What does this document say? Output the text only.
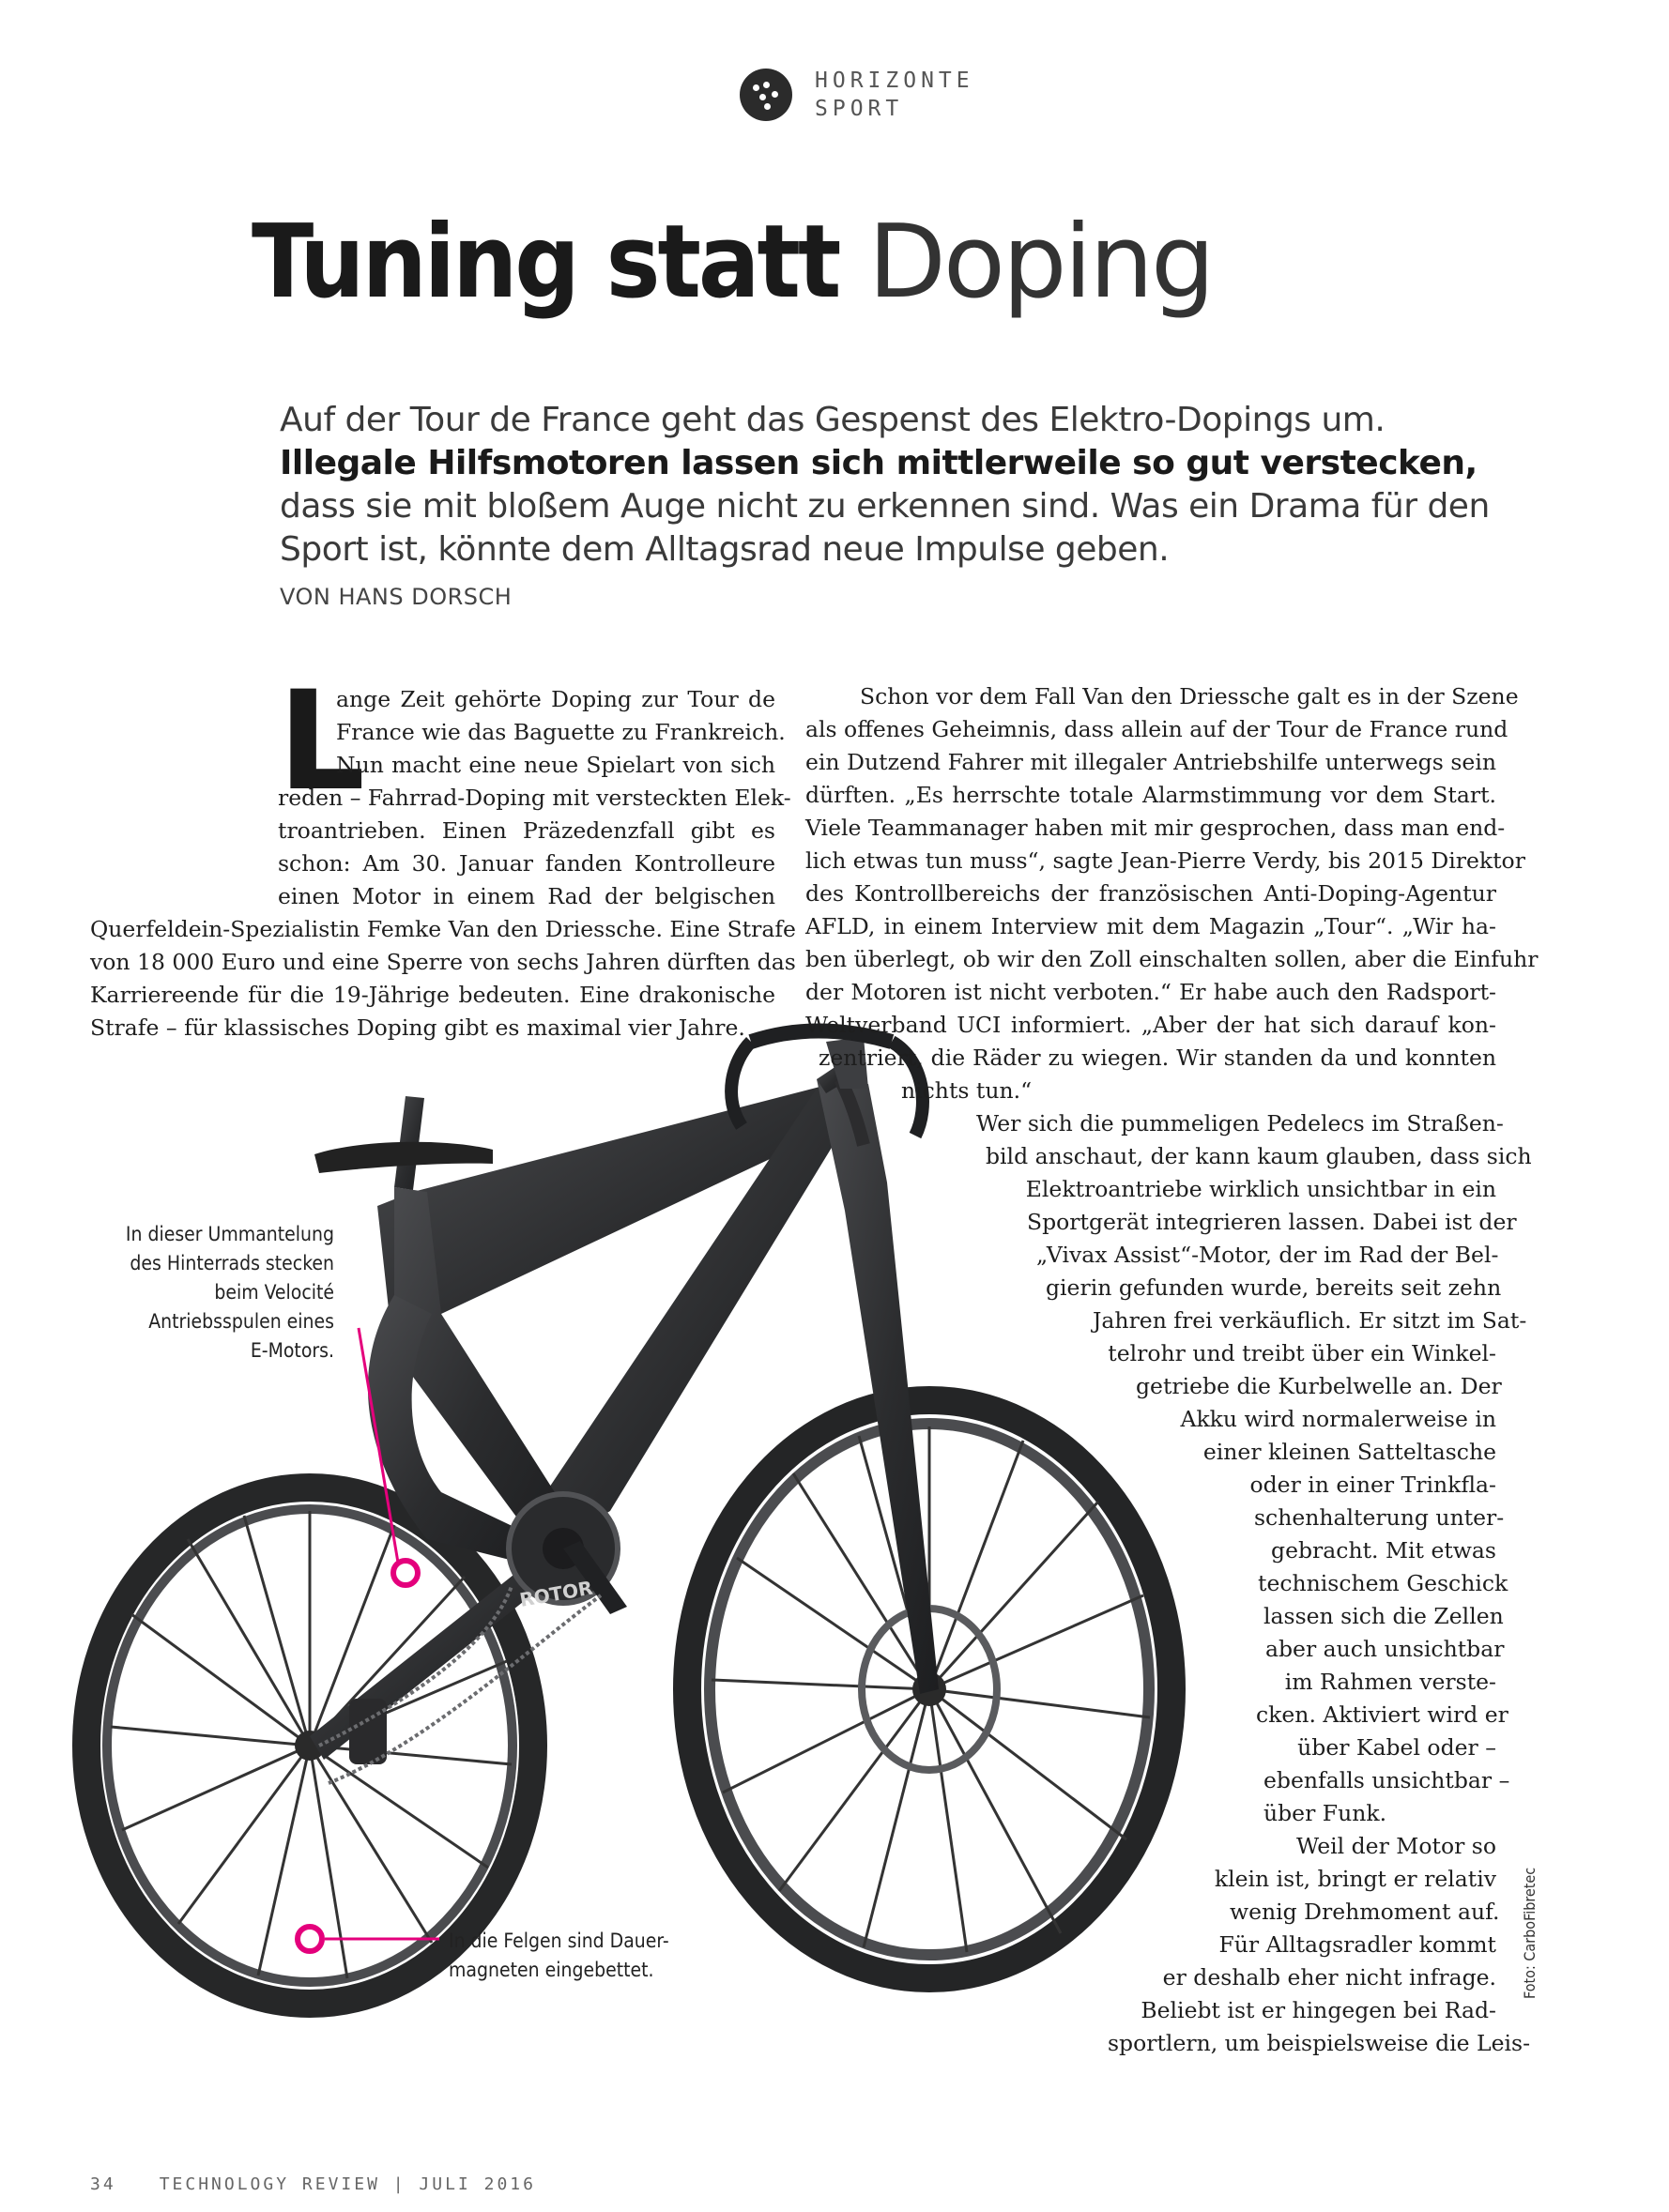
HORIZONTE
SPORT
Tuning statt Doping
Auf der Tour de France geht das Gespenst des Elektro-Dopings um. Illegale Hilfsmotoren lassen sich mittlerweile so gut verstecken, dass sie mit bloßem Auge nicht zu erkennen sind. Was ein Drama für den Sport ist, könnte dem Alltagsrad neue Impulse geben.
VON HANS DORSCH
ROTOR
L
ange Zeit gehörte Doping zur Tour de
France wie das Baguette zu Frankreich.
Nun macht eine neue Spielart von sich
reden – Fahrrad-Doping mit versteckten Elek-
troantrieben. Einen Präzedenzfall gibt es
schon: Am 30. Januar fanden Kontrolleure
einen Motor in einem Rad der belgischen
Querfeldein-Spezialistin Femke Van den Driessche. Eine Strafe
von 18 000 Euro und eine Sperre von sechs Jahren dürften das
Karriereende für die 19-Jährige bedeuten. Eine drakonische
Strafe – für klassisches Doping gibt es maximal vier Jahre.
Schon vor dem Fall Van den Driessche galt es in der Szene
als offenes Geheimnis, dass allein auf der Tour de France rund
ein Dutzend Fahrer mit illegaler Antriebshilfe unterwegs sein
dürften. „Es herrschte totale Alarmstimmung vor dem Start.
Viele Teammanager haben mit mir gesprochen, dass man end-
lich etwas tun muss“, sagte Jean-Pierre Verdy, bis 2015 Direktor
des Kontrollbereichs der französischen Anti-Doping-Agentur
AFLD, in einem Interview mit dem Magazin „Tour“. „Wir ha-
ben überlegt, ob wir den Zoll einschalten sollen, aber die Einfuhr
der Motoren ist nicht verboten.“ Er habe auch den Radsport-
Weltverband UCI informiert. „Aber der hat sich darauf kon-
zentriert, die Räder zu wiegen. Wir standen da und konnten
nichts tun.“
Wer sich die pummeligen Pedelecs im Straßen-
bild anschaut, der kann kaum glauben, dass sich
Elektroantriebe wirklich unsichtbar in ein
Sportgerät integrieren lassen. Dabei ist der
„Vivax Assist“-Motor, der im Rad der Bel-
gierin gefunden wurde, bereits seit zehn
Jahren frei verkäuflich. Er sitzt im Sat-
telrohr und treibt über ein Winkel-
getriebe die Kurbelwelle an. Der
Akku wird normalerweise in
einer kleinen Satteltasche
oder in einer Trinkfla-
schenhalterung unter-
gebracht. Mit etwas
technischem Geschick
lassen sich die Zellen
aber auch unsichtbar
im Rahmen verste-
cken. Aktiviert wird er
über Kabel oder –
ebenfalls unsichtbar –
über Funk.
Weil der Motor so
klein ist, bringt er relativ
wenig Drehmoment auf.
Für Alltagsradler kommt
er deshalb eher nicht infrage.
Beliebt ist er hingegen bei Rad-
sportlern, um beispielsweise die Leis-
In dieser Ummantelung
des Hinterrads stecken
beim Velocité
Antriebsspulen eines
E-Motors.
In die Felgen sind Dauer-
magneten eingebettet.	Foto: CarboFibretec
34	TECHNOLOGY REVIEW | JULI 2016
